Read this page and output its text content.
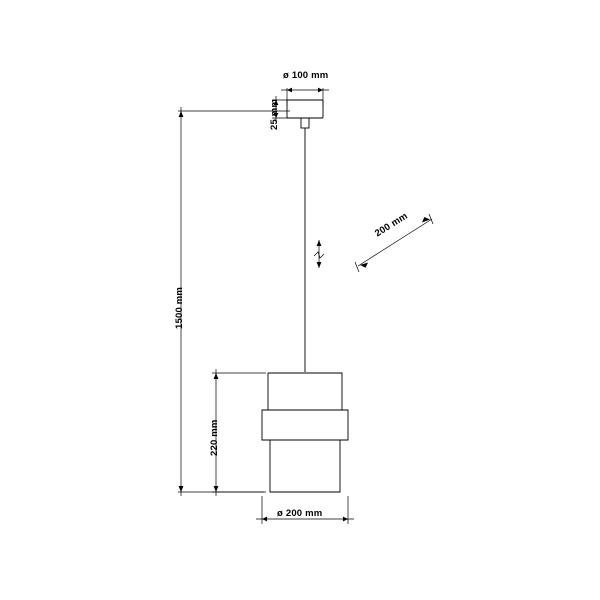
ø 100 mm
25 mm
1500 mm
220 mm
ø 200 mm
200 mm
